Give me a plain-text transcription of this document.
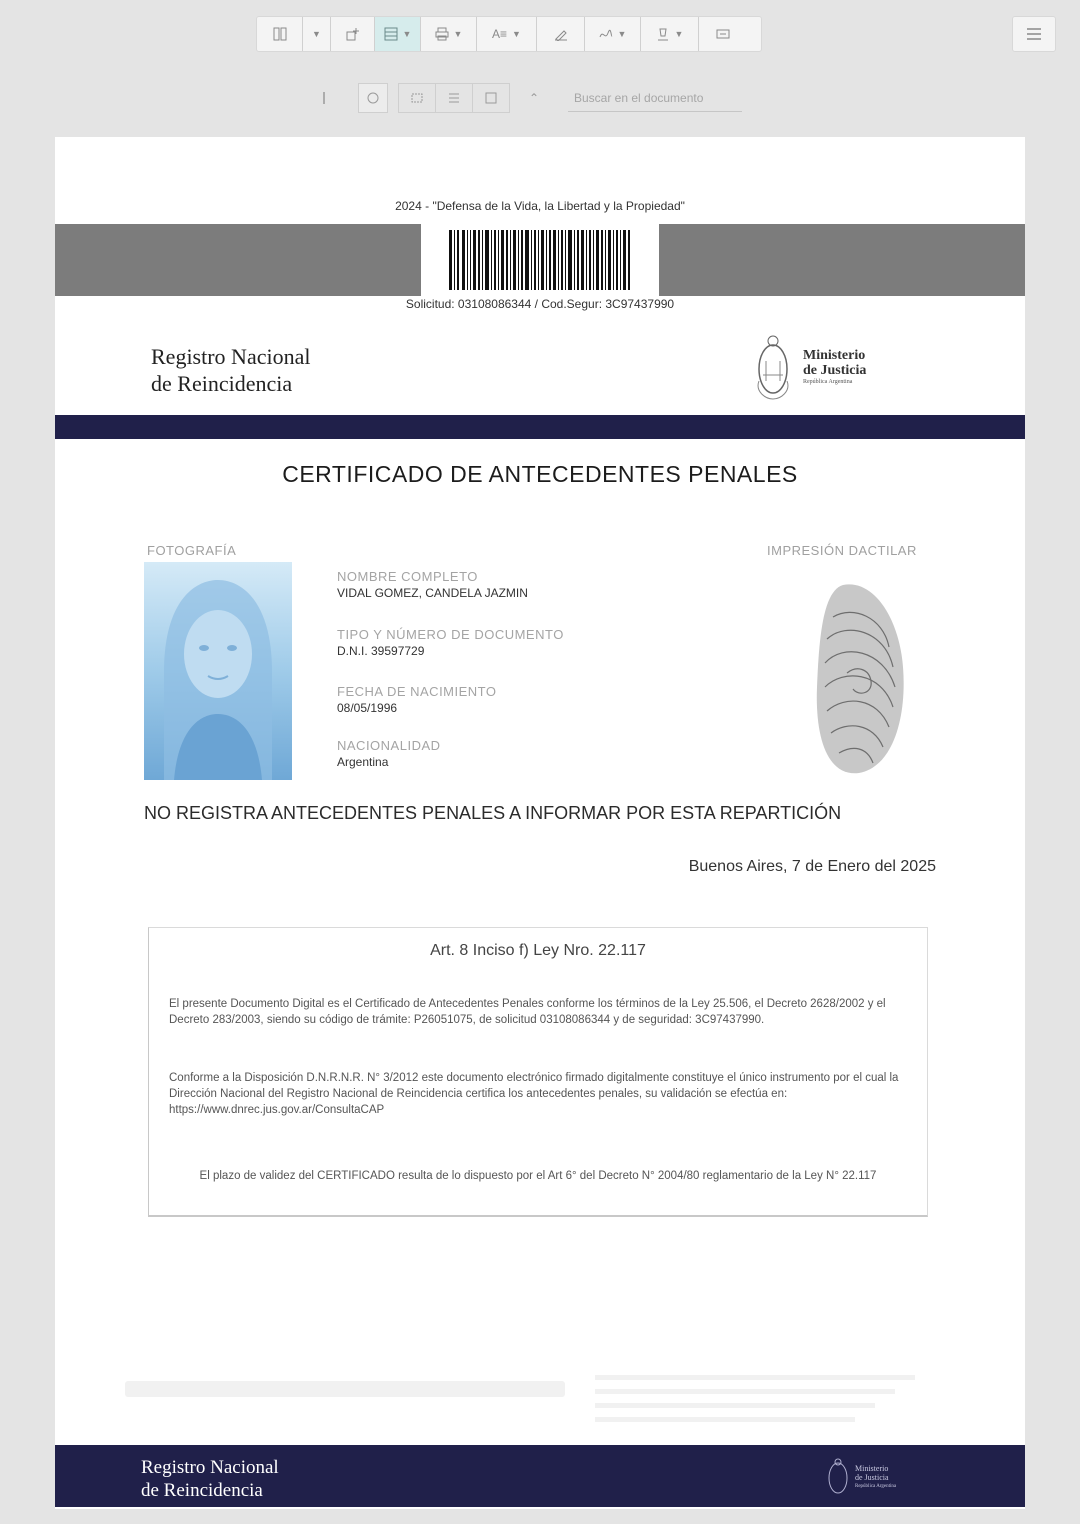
▼	▼	▼ A≡ ▼	▼	▼
⌃	Buscar en el documento
2024 - "Defensa de la Vida, la Libertad y la Propiedad"
Solicitud: 03108086344 / Cod.Segur: 3C97437990
Registro Nacional
de Reincidencia
Ministerio
de Justicia
República Argentina
CERTIFICADO DE ANTECEDENTES PENALES
FOTOGRAFÍA	IMPRESIÓN DACTILAR
NOMBRE COMPLETO
VIDAL GOMEZ, CANDELA JAZMIN
TIPO Y NÚMERO DE DOCUMENTO
D.N.I. 39597729
FECHA DE NACIMIENTO
08/05/1996
NACIONALIDAD
Argentina
NO REGISTRA ANTECEDENTES PENALES A INFORMAR POR ESTA REPARTICIÓN
Buenos Aires, 7 de Enero del 2025
Art. 8 Inciso f) Ley Nro. 22.117
El presente Documento Digital es el Certificado de Antecedentes Penales conforme los términos de la Ley 25.506, el Decreto 2628/2002 y el Decreto 283/2003, siendo su código de trámite: P26051075, de solicitud 03108086344 y de seguridad: 3C97437990.
Conforme a la Disposición D.N.R.N.R. N° 3/2012 este documento electrónico firmado digitalmente constituye el único instrumento por el cual la Dirección Nacional del Registro Nacional de Reincidencia certifica los antecedentes penales, su validación se efectúa en: https://www.dnrec.jus.gov.ar/ConsultaCAP
El plazo de validez del CERTIFICADO resulta de lo dispuesto por el Art 6° del Decreto N° 2004/80 reglamentario de la Ley N° 22.117
Registro Nacional
de Reincidencia
Ministerio
de Justicia
República Argentina
